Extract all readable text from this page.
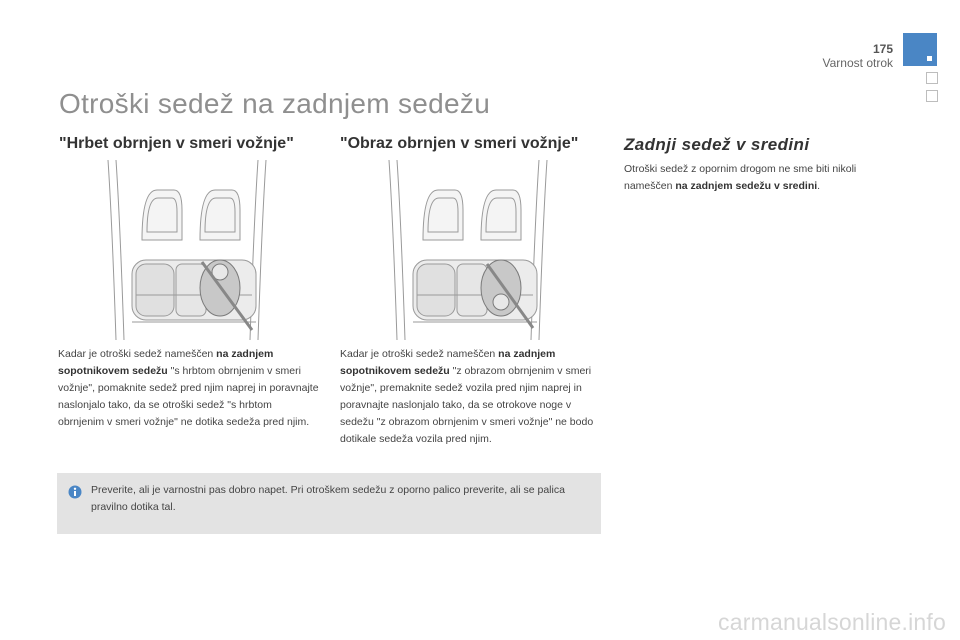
175
Varnost otrok
Otroški sedež na zadnjem sedežu
"Hrbet obrnjen v smeri vožnje"	"Obraz obrnjen v smeri vožnje"	Zadnji sedež v sredini

Kadar je otroški sedež nameščen na zadnjem sopotnikovem sedežu "s hrbtom obrnjenim v smeri vožnje", pomaknite sedež pred njim naprej in poravnajte naslonjalo tako, da se otroški sedež "s hrbtom obrnjenim v smeri vožnje" ne dotika sedeža pred njim.

Kadar je otroški sedež nameščen na zadnjem sopotnikovem sedežu "z obrazom obrnjenim v smeri vožnje", premaknite sedež vozila pred njim naprej in poravnajte naslonjalo tako, da se otrokove noge v sedežu "z obrazom obrnjenim v smeri vožnje" ne bodo dotikale sedeža vozila pred njim.

Otroški sedež z opornim drogom ne sme biti nikoli nameščen na zadnjem sedežu v sredini.

Preverite, ali je varnostni pas dobro napet. Pri otroškem sedežu z oporno palico preverite, ali se palica pravilno dotika tal.

carmanualsonline.info
